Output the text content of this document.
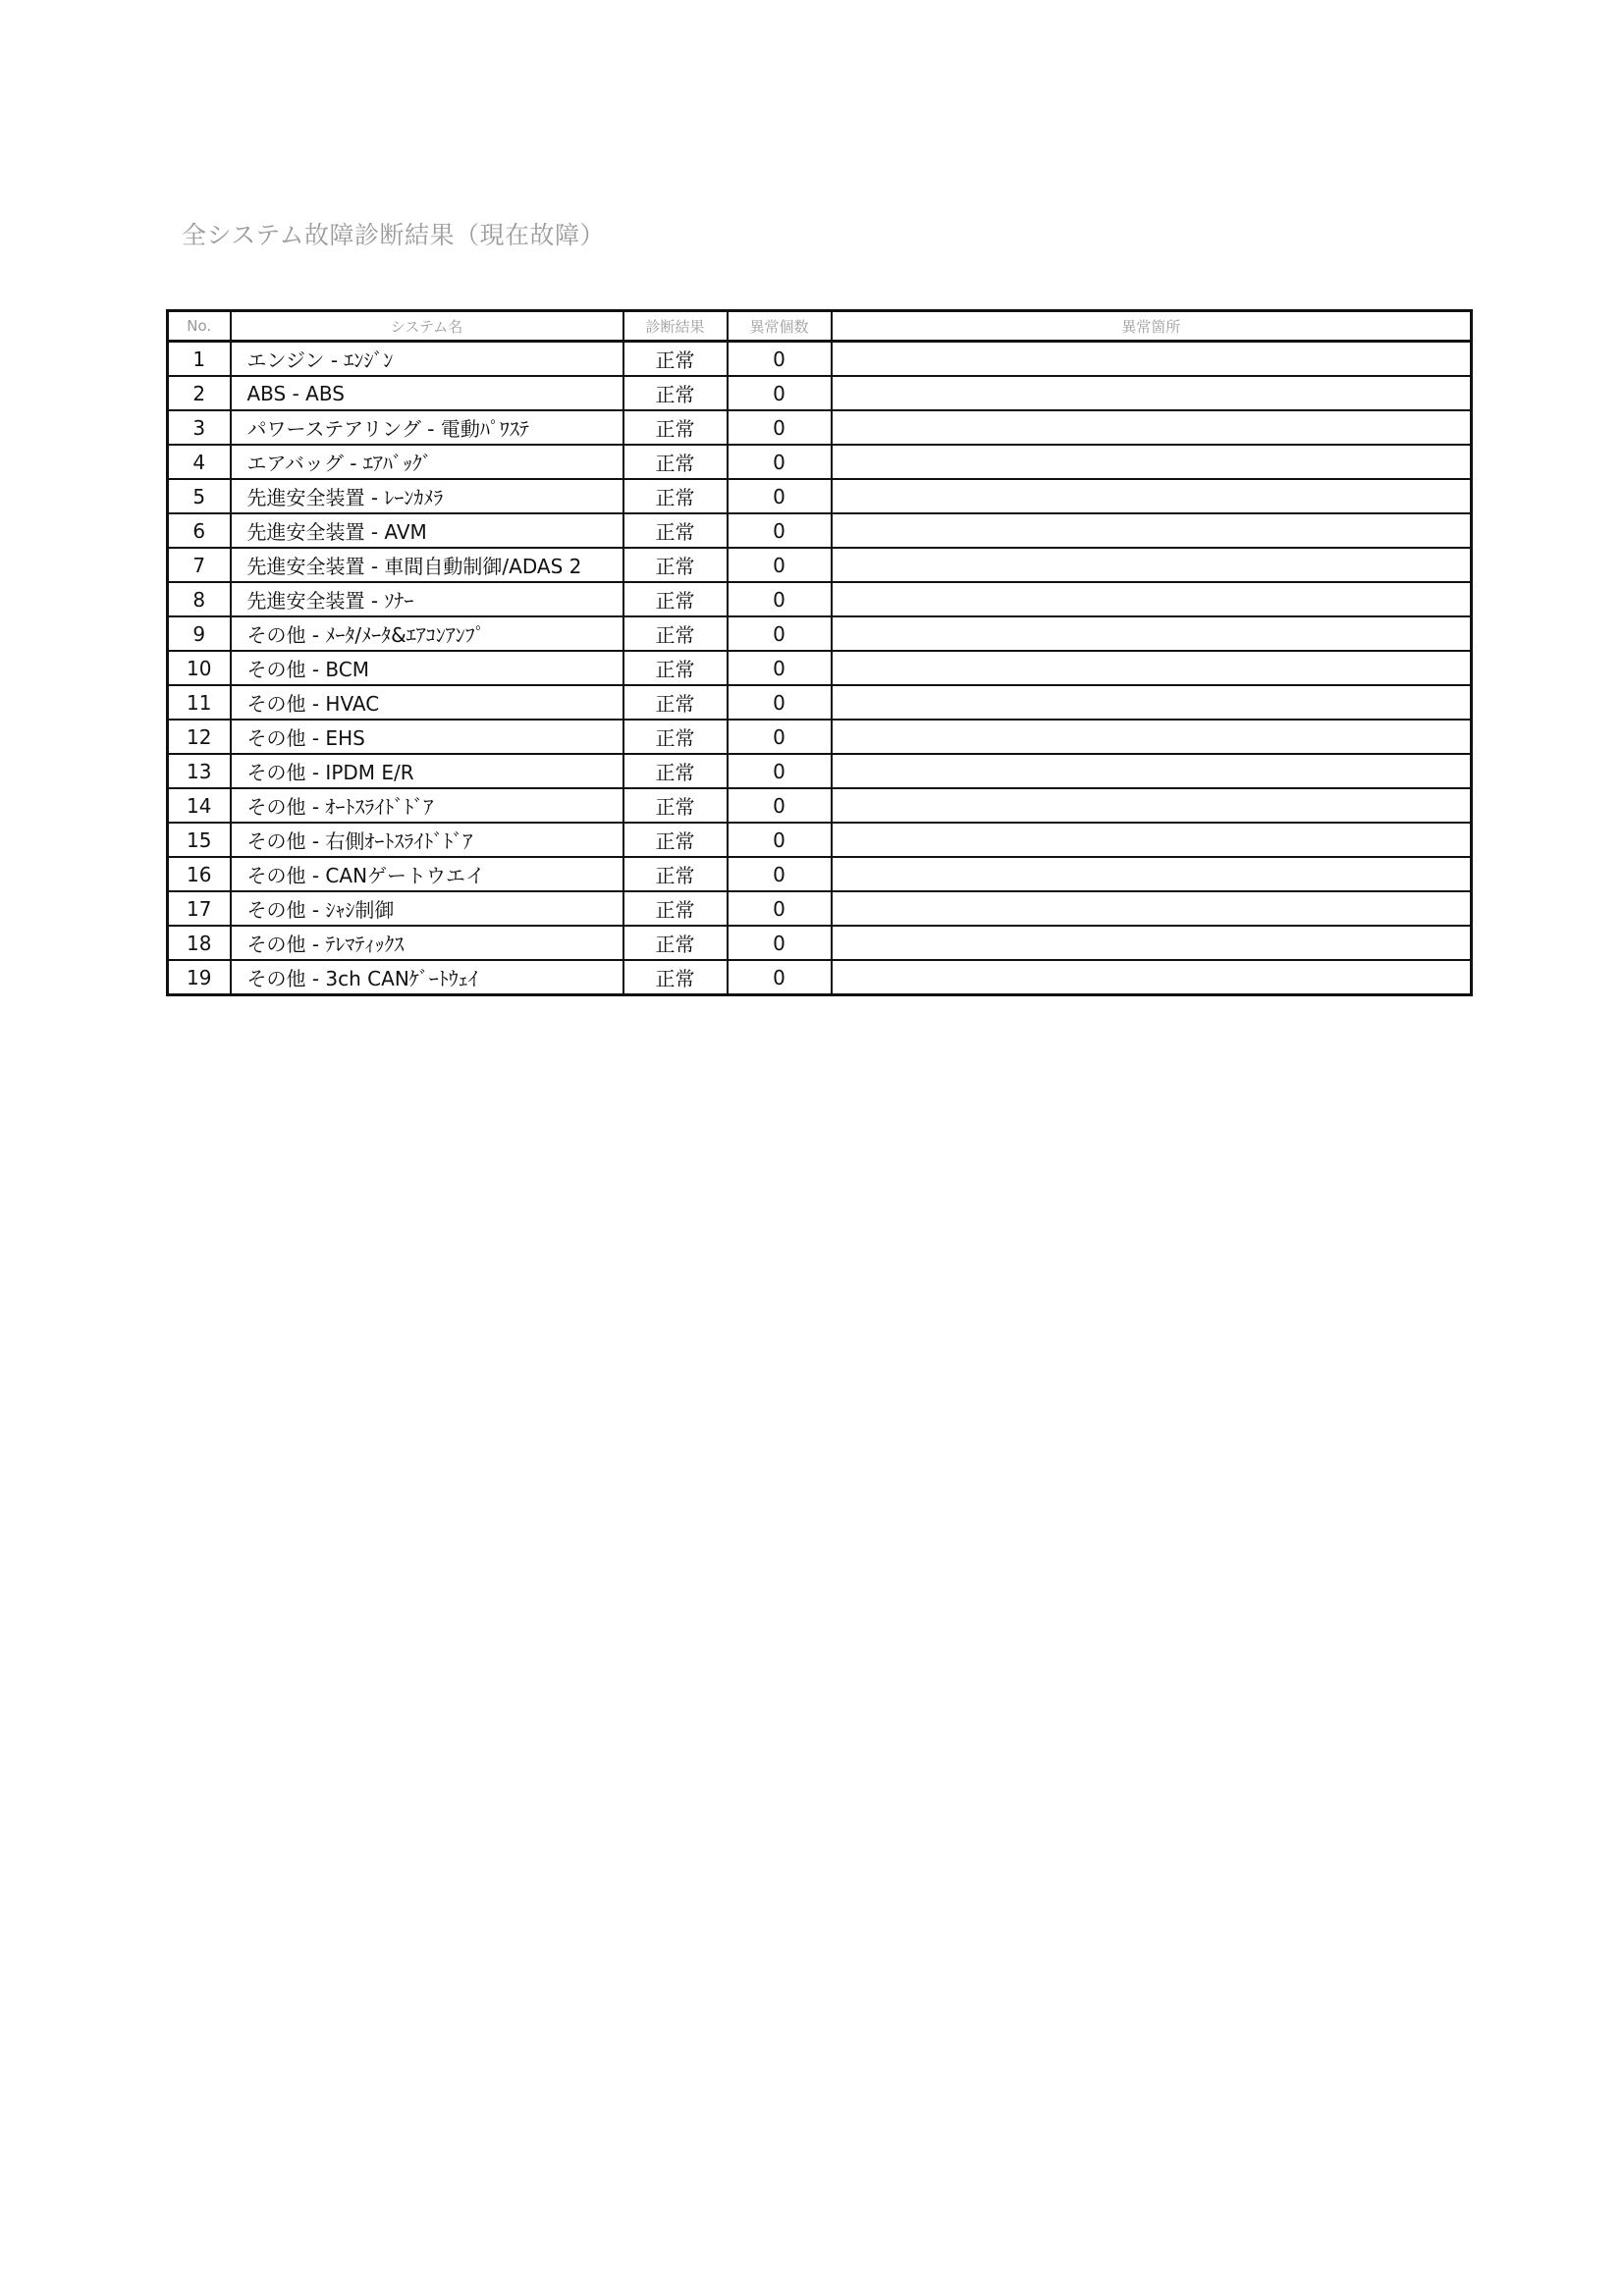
全システム故障診断結果（現在故障）
No.	システム名	診断結果	異常個数	異常箇所
1	エンジン - ｴﾝｼﾞﾝ	正常	0	
2	ABS - ABS	正常	0	
3	パワーステアリング - 電動ﾊﾟﾜｽﾃ	正常	0	
4	エアバッグ - ｴｱﾊﾞｯｸﾞ	正常	0	
5	先進安全装置 - ﾚｰﾝｶﾒﾗ	正常	0	
6	先進安全装置 - AVM	正常	0	
7	先進安全装置 - 車間自動制御/ADAS 2	正常	0	
8	先進安全装置 - ｿﾅｰ	正常	0	
9	その他 - ﾒｰﾀ/ﾒｰﾀ&ｴｱｺﾝｱﾝﾌﾟ	正常	0	
10	その他 - BCM	正常	0	
11	その他 - HVAC	正常	0	
12	その他 - EHS	正常	0	
13	その他 - IPDM E/R	正常	0	
14	その他 - ｵｰﾄｽﾗｲﾄﾞﾄﾞｱ	正常	0	
15	その他 - 右側ｵｰﾄｽﾗｲﾄﾞﾄﾞｱ	正常	0	
16	その他 - CANゲートウエイ	正常	0	
17	その他 - ｼｬｼ制御	正常	0	
18	その他 - ﾃﾚﾏﾃｨｯｸｽ	正常	0	
19	その他 - 3ch CANｹﾞｰﾄｳｪｲ	正常	0	
